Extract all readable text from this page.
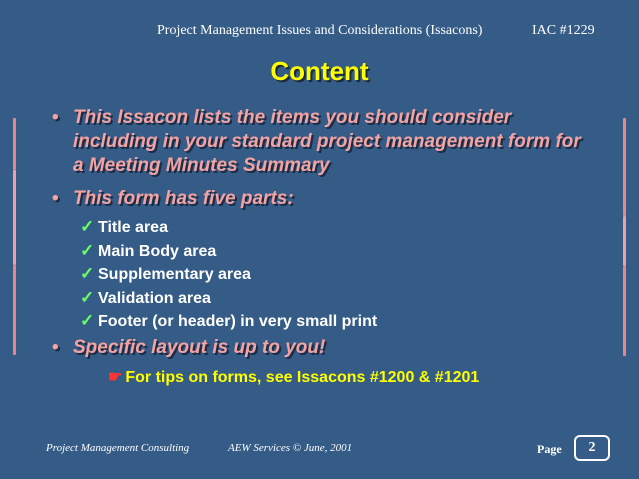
Project Management Issues and Considerations (Issacons)	IAC #1229
Content
• This Issacon lists the items you should consider including in your standard project management form for a Meeting Minutes Summary
• This form has five parts:
✓ Title area
✓ Main Body area
✓ Supplementary area
✓ Validation area
✓ Footer (or header) in very small print
• Specific layout is up to you!
☛ For tips on forms, see Issacons #1200 & #1201
Project Management Consulting	AEW Services © June, 2001	Page	2
